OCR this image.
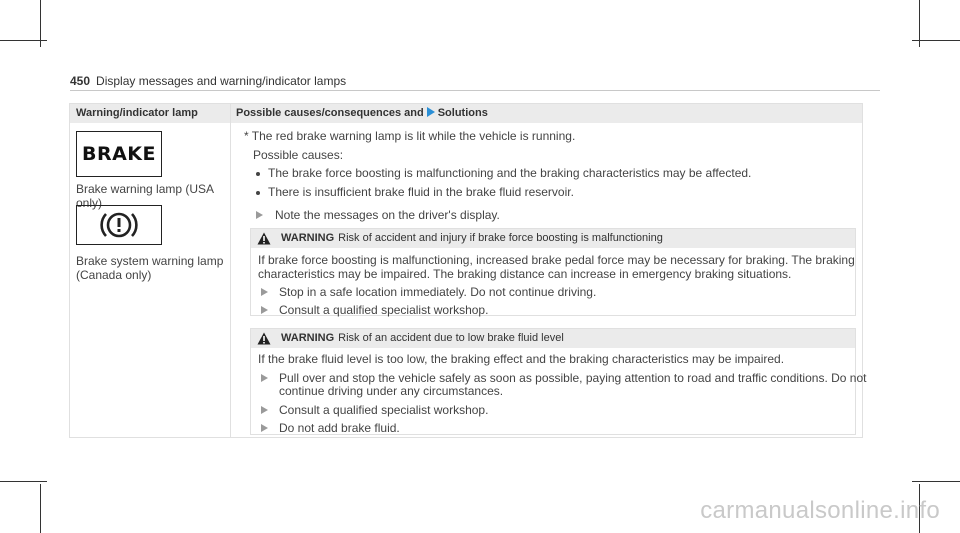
450 Display messages and warning/indicator lamps
Warning/indicator lamp	Possible causes/consequences and Solutions
BRAKE
Brake warning lamp (USA
only)
Brake system warning lamp
(Canada only)
* The red brake warning lamp is lit while the vehicle is running.
Possible causes:
The brake force boosting is malfunctioning and the braking characteristics may be affected.
There is insufficient brake fluid in the brake fluid reservoir.
Note the messages on the driver's display.
WARNING Risk of accident and injury if brake force boosting is malfunctioning
If brake force boosting is malfunctioning, increased brake pedal force may be necessary for braking. The braking
characteristics may be impaired. The braking distance can increase in emergency braking situations.
Stop in a safe location immediately. Do not continue driving.
Consult a qualified specialist workshop.
WARNING Risk of an accident due to low brake fluid level
If the brake fluid level is too low, the braking effect and the braking characteristics may be impaired.
Pull over and stop the vehicle safely as soon as possible, paying attention to road and traffic conditions. Do not
continue driving under any circumstances.
Consult a qualified specialist workshop.
Do not add brake fluid.
carmanualsonline.info
